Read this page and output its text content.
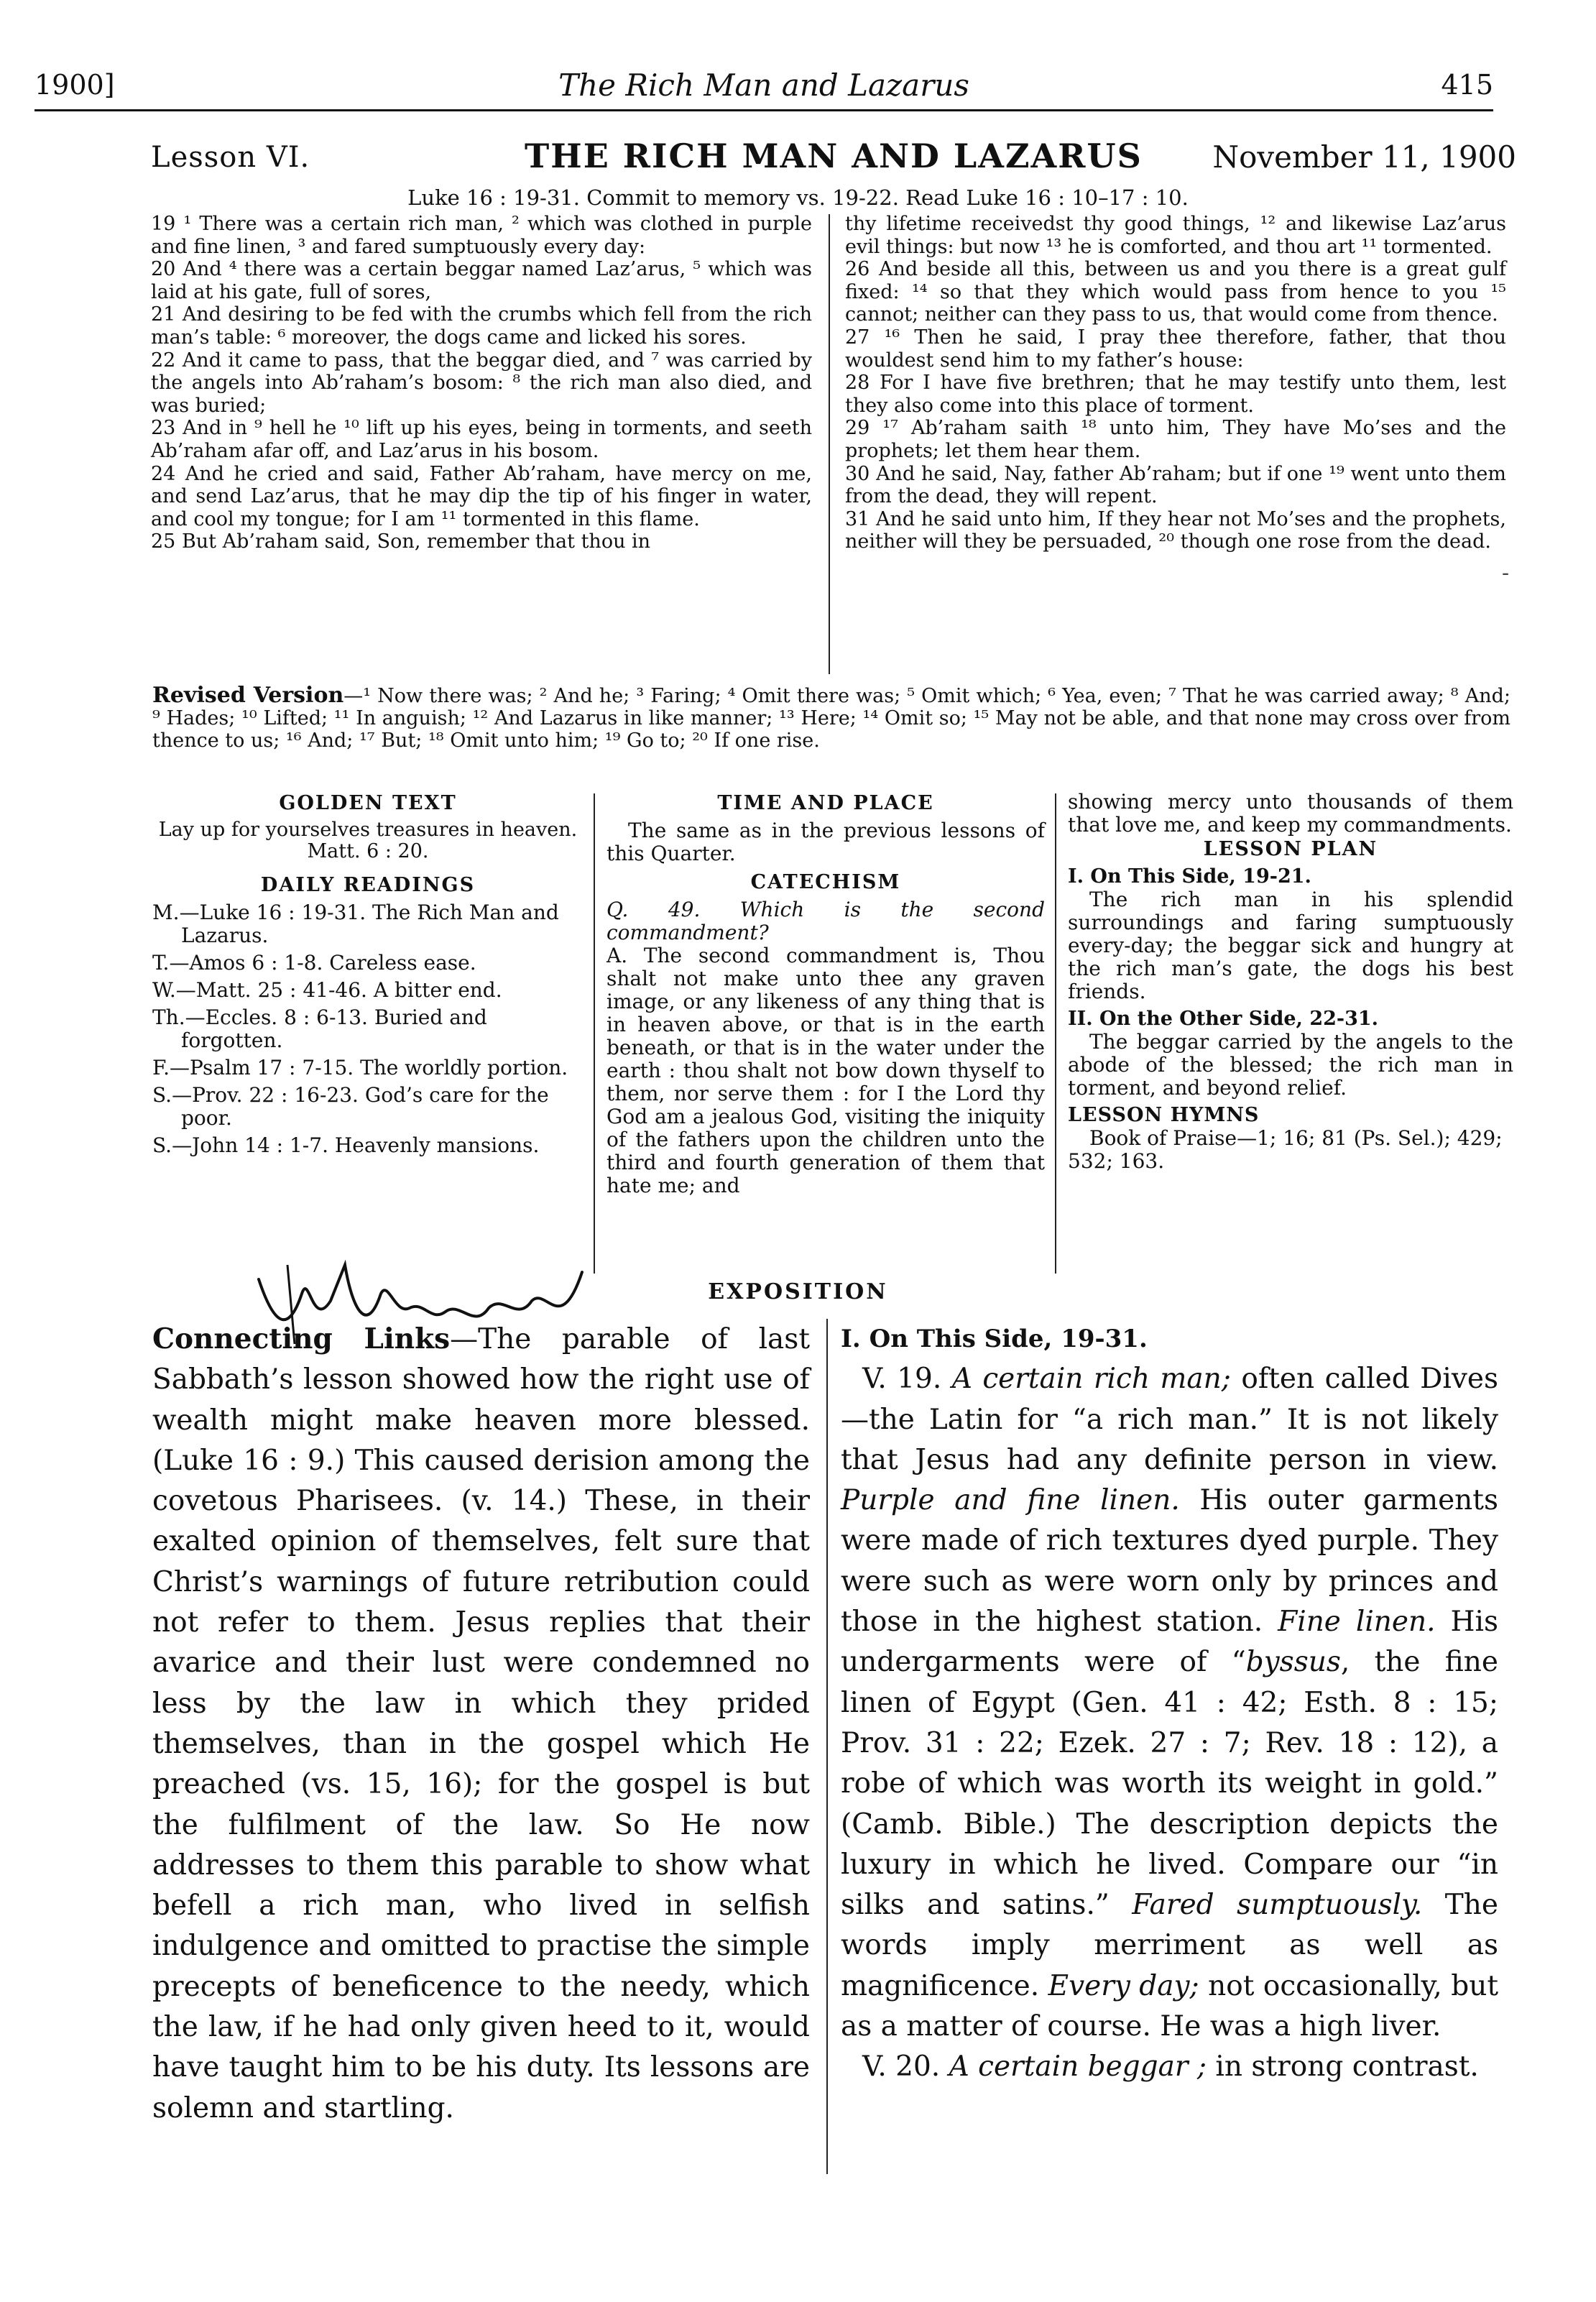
1900]	The Rich Man and Lazarus	415
Lesson VI.	THE RICH MAN AND LAZARUS November 11, 1900
Luke 16 : 19-31. Commit to memory vs. 19-22. Read Luke 16 : 10–17 : 10.

19 ¹ There was a certain rich man, ² which was clothed in purple and fine linen, ³ and fared sumptuously every day:

20 And ⁴ there was a certain beggar named Laz’arus, ⁵ which was laid at his gate, full of sores,

21 And desiring to be fed with the crumbs which fell from the rich man’s table: ⁶ moreover, the dogs came and licked his sores.

22 And it came to pass, that the beggar died, and ⁷ was carried by the angels into Ab’raham’s bosom: ⁸ the rich man also died, and was buried;

23 And in ⁹ hell he ¹⁰ lift up his eyes, being in torments, and seeth Ab’raham afar off, and Laz’arus in his bosom.

24 And he cried and said, Father Ab’raham, have mercy on me, and send Laz’arus, that he may dip the tip of his finger in water, and cool my tongue; for I am ¹¹ tormented in this flame.

25 But Ab’raham said, Son, remember that thou in

thy lifetime receivedst thy good things, ¹² and likewise Laz’arus evil things: but now ¹³ he is comforted, and thou art ¹¹ tormented.

26 And beside all this, between us and you there is a great gulf fixed: ¹⁴ so that they which would pass from hence to you ¹⁵ cannot; neither can they pass to us, that would come from thence.

27 ¹⁶ Then he said, I pray thee therefore, father, that thou wouldest send him to my father’s house:

28 For I have five brethren; that he may testify unto them, lest they also come into this place of torment.

29 ¹⁷ Ab’raham saith ¹⁸ unto him, They have Mo’ses and the prophets; let them hear them.

30 And he said, Nay, father Ab’raham; but if one ¹⁹ went unto them from the dead, they will repent.

31 And he said unto him, If they hear not Mo’ses and the prophets, neither will they be persuaded, ²⁰ though one rose from the dead.

Revised Version—¹ Now there was; ² And he; ³ Faring; ⁴ Omit there was; ⁵ Omit which; ⁶ Yea, even; ⁷ That he was carried away; ⁸ And; ⁹ Hades; ¹⁰ Lifted; ¹¹ In anguish; ¹² And Lazarus in like manner; ¹³ Here; ¹⁴ Omit so; ¹⁵ May not be able, and that none may cross over from thence to us; ¹⁶ And; ¹⁷ But; ¹⁸ Omit unto him; ¹⁹ Go to; ²⁰ If one rise.
GOLDEN TEXT
Lay up for yourselves treasures in heaven. Matt. 6 : 20.
DAILY READINGS

M.—Luke 16 : 19-31. The Rich Man and Lazarus.

T.—Amos 6 : 1-8. Careless ease.

W.—Matt. 25 : 41-46. A bitter end.

Th.—Eccles. 8 : 6-13. Buried and forgotten.

F.—Psalm 17 : 7-15. The worldly portion.

S.—Prov. 22 : 16-23. God’s care for the poor.

S.—John 14 : 1-7. Heavenly mansions.

TIME AND PLACE

The same as in the previous lessons of this Quarter.

CATECHISM

Q. 49. Which is the second commandment?

A. The second commandment is, Thou shalt not make unto thee any graven image, or any likeness of any thing that is in heaven above, or that is in the earth beneath, or that is in the water under the earth : thou shalt not bow down thyself to them, nor serve them : for I the Lord thy God am a jealous God, visiting the iniquity of the fathers upon the children unto the third and fourth generation of them that hate me; and

showing mercy unto thousands of them that love me, and keep my commandments.

LESSON PLAN

I. On This Side, 19-21.

The rich man in his splendid surroundings and faring sumptuously every-day; the beggar sick and hungry at the rich man’s gate, the dogs his best friends.

II. On the Other Side, 22-31.

The beggar carried by the angels to the abode of the blessed; the rich man in torment, and beyond relief.

LESSON HYMNS

Book of Praise—1; 16; 81 (Ps. Sel.); 429; 532; 163.

EXPOSITION

Connecting Links—The parable of last Sabbath’s lesson showed how the right use of wealth might make heaven more blessed. (Luke 16 : 9.) This caused derision among the covetous Pharisees. (v. 14.) These, in their exalted opinion of themselves, felt sure that Christ’s warnings of future retribution could not refer to them. Jesus replies that their avarice and their lust were condemned no less by the law in which they prided themselves, than in the gospel which He preached (vs. 15, 16); for the gospel is but the fulfilment of the law. So He now addresses to them this parable to show what befell a rich man, who lived in selfish indulgence and omitted to practise the simple precepts of beneficence to the needy, which the law, if he had only given heed to it, would have taught him to be his duty. Its lessons are solemn and startling.

I. On This Side, 19-31.

V. 19. A certain rich man; often called Dives—the Latin for “a rich man.” It is not likely that Jesus had any definite person in view. Purple and fine linen. His outer garments were made of rich textures dyed purple. They were such as were worn only by princes and those in the highest station. Fine linen. His undergarments were of “byssus, the fine linen of Egypt (Gen. 41 : 42; Esth. 8 : 15; Prov. 31 : 22; Ezek. 27 : 7; Rev. 18 : 12), a robe of which was worth its weight in gold.” (Camb. Bible.) The description depicts the luxury in which he lived. Compare our “in silks and satins.” Fared sumptuously. The words imply merriment as well as magnificence. Every day; not occasionally, but as a matter of course. He was a high liver.

V. 20. A certain beggar ; in strong contrast.

-
